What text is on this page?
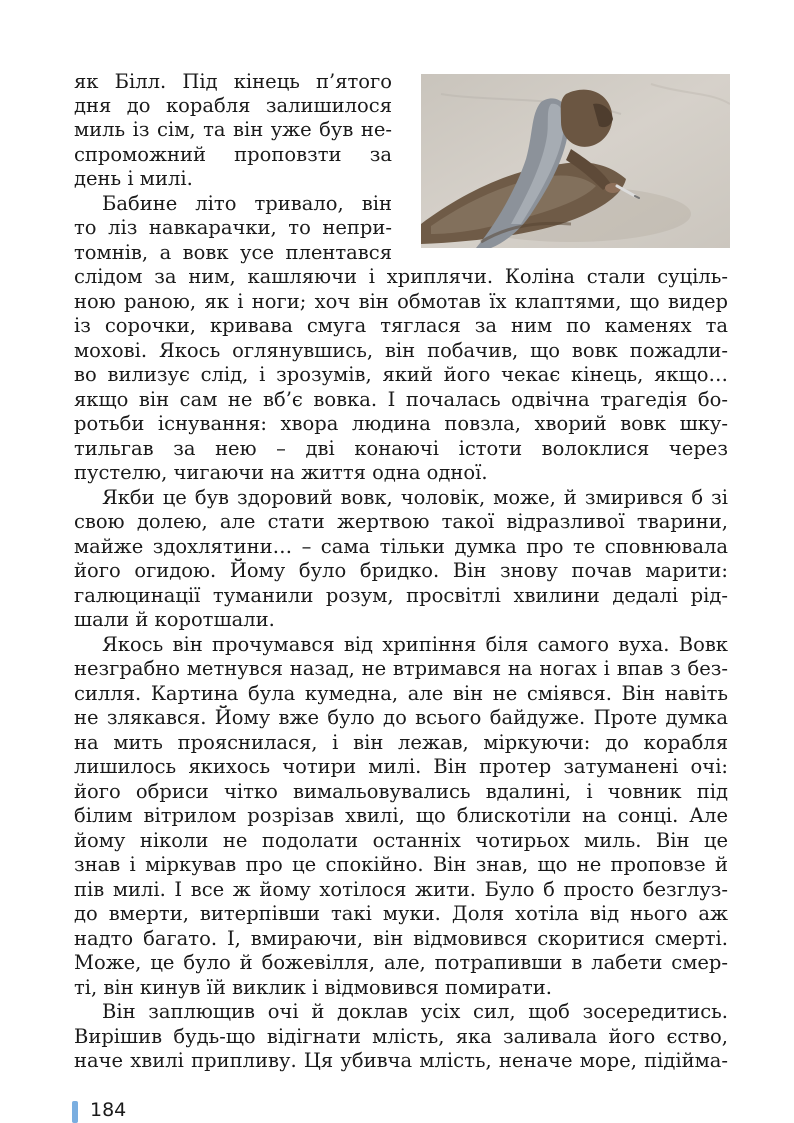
як Білл. Під кінець п’ятого
дня до корабля залишилося
миль із сім, та він уже був не-
спроможний проповзти за
день і милі.
Бабине літо тривало, він
то ліз навкарачки, то непри-
томнів, а вовк усе плентався
слідом за ним, кашляючи і хриплячи. Коліна стали суціль-
ною раною, як і ноги; хоч він обмотав їх клаптями, що видер
із сорочки, кривава смуга тяглася за ним по каменях та
мохові. Якось оглянувшись, він побачив, що вовк пожадли-
во вилизує слід, і зрозумів, який його чекає кінець, якщо…
якщо він сам не вб’є вовка. І почалась одвічна трагедія бо-
ротьби існування: хвора людина повзла, хворий вовк шку-
тильгав за нею – дві конаючі істоти волоклися через
пустелю, чигаючи на життя одна одної.
Якби це був здоровий вовк, чоловік, може, й змирився б зі
свою долею, але стати жертвою такої відразливої тварини,
майже здохлятини… – сама тільки думка про те сповнювала
його огидою. Йому було бридко. Він знову почав марити:
галюцинації туманили розум, просвітлі хвилини дедалі рід-
шали й коротшали.
Якось він прочумався від хрипіння біля самого вуха. Вовк
незграбно метнувся назад, не втримався на ногах і впав з без-
силля. Картина була кумедна, але він не сміявся. Він навіть
не злякався. Йому вже було до всього байдуже. Проте думка
на мить прояснилася, і він лежав, міркуючи: до корабля
лишилось якихось чотири милі. Він протер затуманені очі:
його обриси чітко вимальовувались вдалині, і човник під
білим вітрилом розрізав хвилі, що блискотіли на сонці. Але
йому ніколи не подолати останніх чотирьох миль. Він це
знав і міркував про це спокійно. Він знав, що не проповзе й
пів милі. І все ж йому хотілося жити. Було б просто безглуз-
до вмерти, витерпівши такі муки. Доля хотіла від нього аж
надто багато. І, вмираючи, він відмовився скоритися смерті.
Може, це було й божевілля, але, потрапивши в лабети смер-
ті, він кинув їй виклик і відмовився помирати.
Він заплющив очі й доклав усіх сил, щоб зосередитись.
Вирішив будь-що відігнати млість, яка заливала його єство,
наче хвилі припливу. Ця убивча млість, неначе море, підійма-
184
